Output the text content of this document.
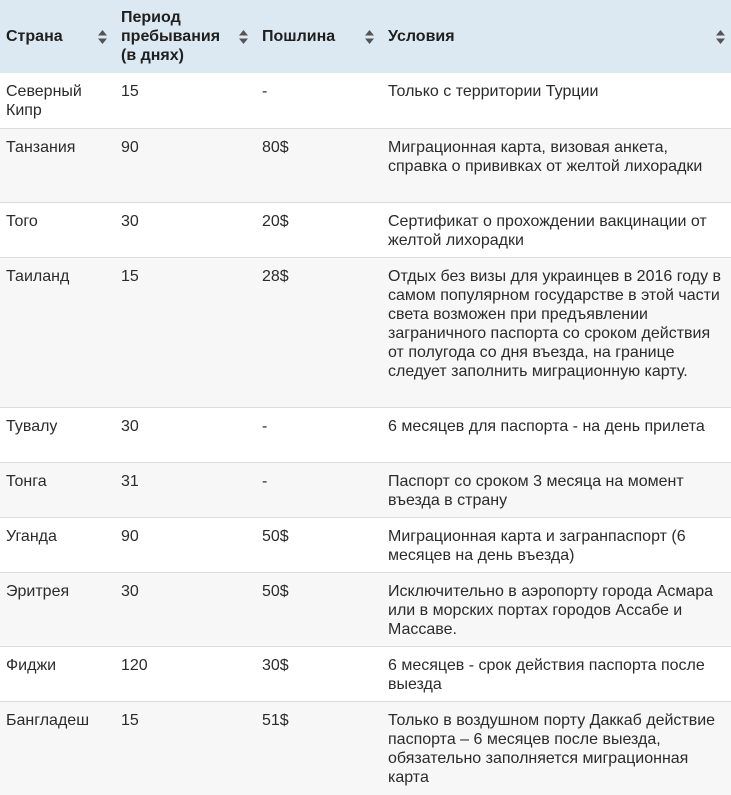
Страна	Период пребывания (в днях)	Пошлина	Условия

Северный Кипр	15	-	Только с территории Турции
Танзания	90	80$	Миграционная карта, визовая анкета, справка о прививках от желтой лихорадки
Того	30	20$	Сертификат о прохождении вакцинации от желтой лихорадки
Таиланд	15	28$	Отдых без визы для украинцев в 2016 году в самом популярном государстве в этой части света возможен при предъявлении заграничного паспорта со сроком действия от полугода со дня въезда, на границе следует заполнить миграционную карту.
Тувалу	30	-	6 месяцев для паспорта - на день прилета
Тонга	31	-	Паспорт со сроком 3 месяца на момент въезда в страну
Уганда	90	50$	Миграционная карта и загранпаспорт (6 месяцев на день въезда)
Эритрея	30	50$	Исключительно в аэропорту города Асмара или в морских портах городов Ассабе и Массаве.
Фиджи	120	30$	6 месяцев - срок действия паспорта после выезда
Бангладеш	15	51$	Только в воздушном порту Даккаб действие паспорта – 6 месяцев после выезда, обязательно заполняется миграционная карта
